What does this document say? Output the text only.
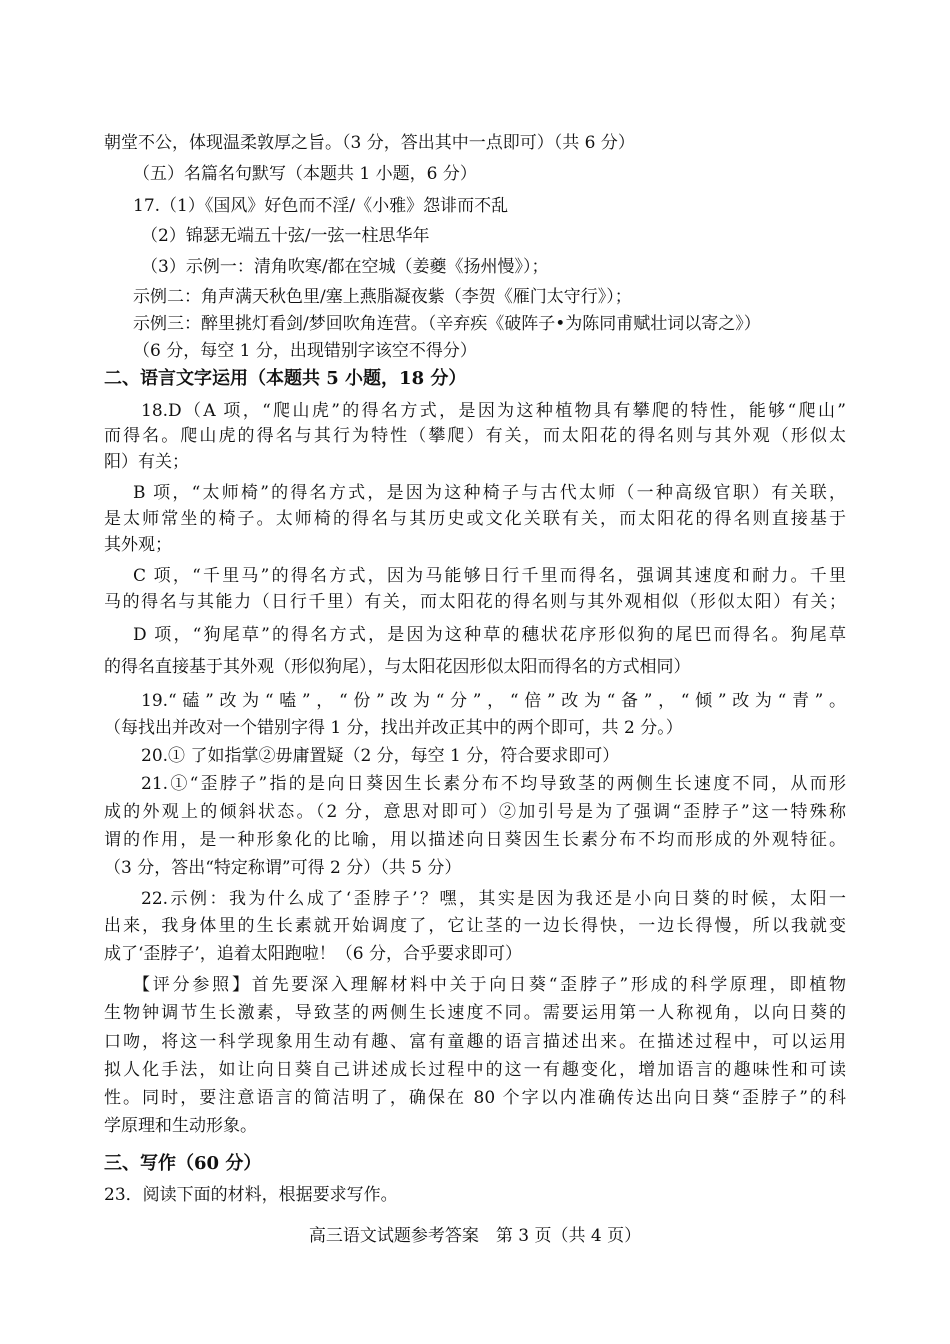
朝堂不公，体现温柔敦厚之旨。（3 分，答出其中一点即可）（共 6 分）
（五）名篇名句默写（本题共 1 小题，6 分）
17.（1）《国风》好色而不淫/《小雅》怨诽而不乱
（2）锦瑟无端五十弦/一弦一柱思华年
（3）示例一：清角吹寒/都在空城（姜夔《扬州慢》）；
示例二：角声满天秋色里/塞上燕脂凝夜紫（李贺《雁门太守行》）；
示例三：醉里挑灯看剑/梦回吹角连营。（辛弃疾《破阵子•为陈同甫赋壮词以寄之》）
（6 分，每空 1 分，出现错别字该空不得分）
二、语言文字运用（本题共 5 小题，18 分）
18.D（A 项，“爬山虎”的得名方式，是因为这种植物具有攀爬的特性，能够“爬山”
而得名。爬山虎的得名与其行为特性（攀爬）有关，而太阳花的得名则与其外观（形似太
阳）有关；
B 项，“太师椅”的得名方式，是因为这种椅子与古代太师（一种高级官职）有关联，
是太师常坐的椅子。太师椅的得名与其历史或文化关联有关，而太阳花的得名则直接基于
其外观；
C 项，“千里马”的得名方式，因为马能够日行千里而得名，强调其速度和耐力。千里
马的得名与其能力（日行千里）有关，而太阳花的得名则与其外观相似（形似太阳）有关；
D 项，“狗尾草”的得名方式，是因为这种草的穗状花序形似狗的尾巴而得名。狗尾草
的得名直接基于其外观（形似狗尾），与太阳花因形似太阳而得名的方式相同）
19.“磕”改为“嗑”，“份”改为“分”，“倍”改为“备”，“倾”改为“青”。
（每找出并改对一个错别字得 1 分，找出并改正其中的两个即可，共 2 分。）
20.① 了如指掌②毋庸置疑（2 分，每空 1 分，符合要求即可）
21.①“歪脖子”指的是向日葵因生长素分布不均导致茎的两侧生长速度不同，从而形
成的外观上的倾斜状态。（2 分，意思对即可）②加引号是为了强调“歪脖子”这一特殊称
谓的作用，是一种形象化的比喻，用以描述向日葵因生长素分布不均而形成的外观特征。
（3 分，答出“特定称谓”可得 2 分）（共 5 分）
22.示例：我为什么成了‘歪脖子’？嘿，其实是因为我还是小向日葵的时候，太阳一
出来，我身体里的生长素就开始调度了，它让茎的一边长得快，一边长得慢，所以我就变
成了‘歪脖子’，追着太阳跑啦！（6 分，合乎要求即可）
【评分参照】首先要深入理解材料中关于向日葵“歪脖子”形成的科学原理，即植物
生物钟调节生长激素，导致茎的两侧生长速度不同。需要运用第一人称视角，以向日葵的
口吻，将这一科学现象用生动有趣、富有童趣的语言描述出来。在描述过程中，可以运用
拟人化手法，如让向日葵自己讲述成长过程中的这一有趣变化，增加语言的趣味性和可读
性。同时，要注意语言的简洁明了，确保在 80 个字以内准确传达出向日葵“歪脖子”的科
学原理和生动形象。
三、写作（60 分）
23．阅读下面的材料，根据要求写作。
高三语文试题参考答案　第 3 页（共 4 页）
